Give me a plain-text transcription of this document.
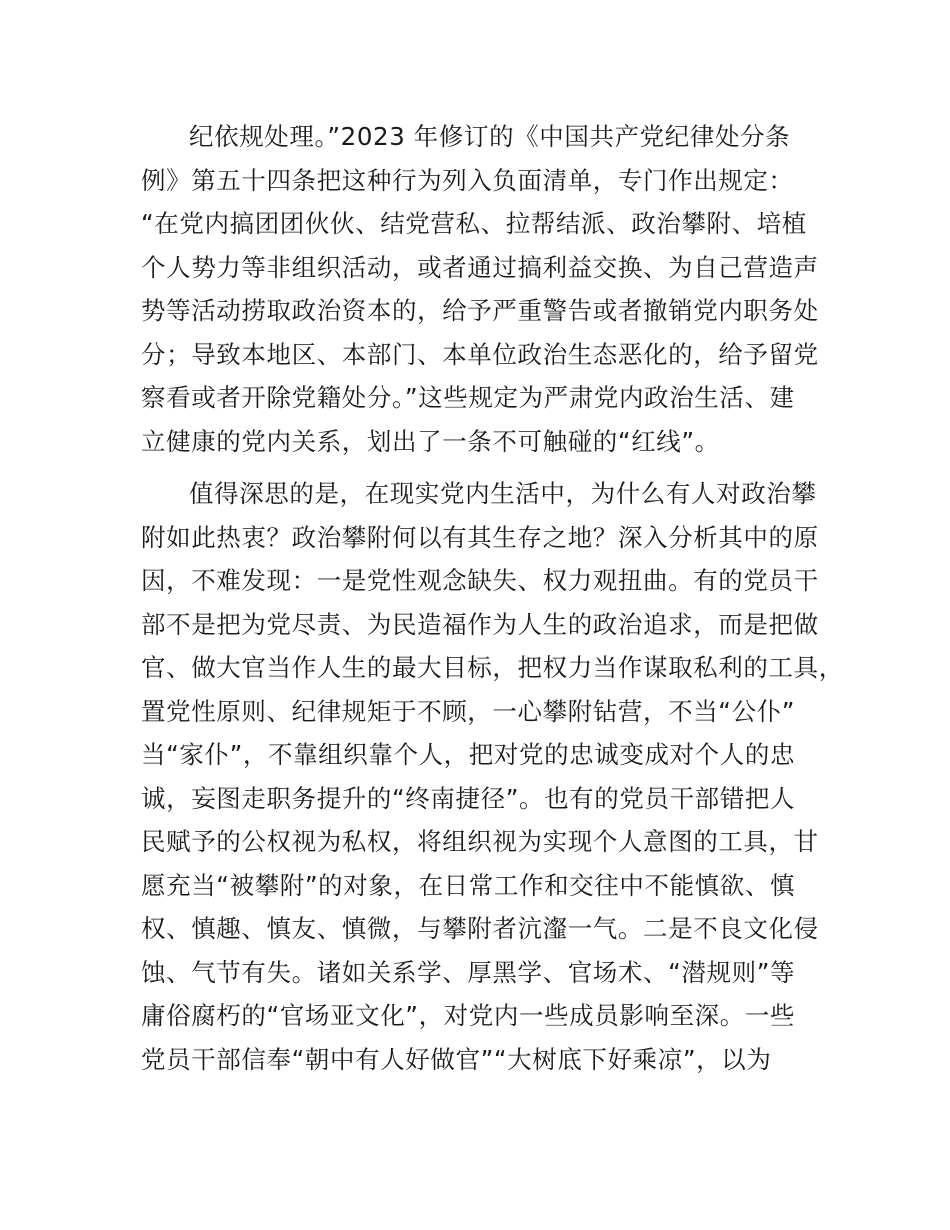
纪依规处理。”2023 年修订的《中国共产党纪律处分条
例》第五十四条把这种行为列入负面清单，专门作出规定：
“在党内搞团团伙伙、结党营私、拉帮结派、政治攀附、培植
个人势力等非组织活动，或者通过搞利益交换、为自己营造声
势等活动捞取政治资本的，给予严重警告或者撤销党内职务处
分；导致本地区、本部门、本单位政治生态恶化的，给予留党
察看或者开除党籍处分。”这些规定为严肃党内政治生活、建
立健康的党内关系，划出了一条不可触碰的“红线”。
值得深思的是，在现实党内生活中，为什么有人对政治攀
附如此热衷？政治攀附何以有其生存之地？深入分析其中的原
因，不难发现：一是党性观念缺失、权力观扭曲。有的党员干
部不是把为党尽责、为民造福作为人生的政治追求，而是把做
官、做大官当作人生的最大目标，把权力当作谋取私利的工具，
置党性原则、纪律规矩于不顾，一心攀附钻营，不当“公仆”
当“家仆”，不靠组织靠个人，把对党的忠诚变成对个人的忠
诚，妄图走职务提升的“终南捷径”。也有的党员干部错把人
民赋予的公权视为私权，将组织视为实现个人意图的工具，甘
愿充当“被攀附”的对象，在日常工作和交往中不能慎欲、慎
权、慎趣、慎友、慎微，与攀附者沆瀣一气。二是不良文化侵
蚀、气节有失。诸如关系学、厚黑学、官场术、“潜规则”等
庸俗腐朽的“官场亚文化”，对党内一些成员影响至深。一些
党员干部信奉“朝中有人好做官”“大树底下好乘凉”，以为
